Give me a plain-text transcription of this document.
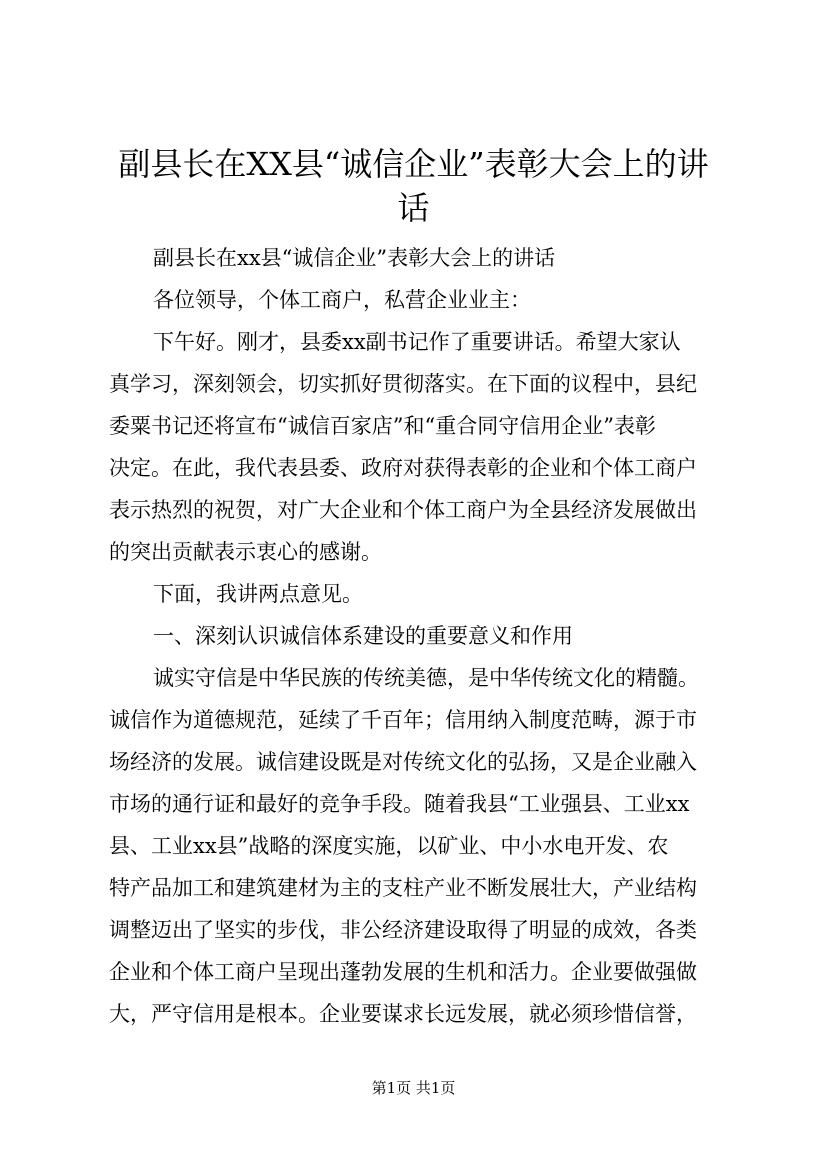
副县长在XX县“诚信企业”表彰大会上的讲
话
副县长在xx县“诚信企业”表彰大会上的讲话
各位领导，个体工商户，私营企业业主：
下午好。刚才，县委xx副书记作了重要讲话。希望大家认
真学习，深刻领会，切实抓好贯彻落实。在下面的议程中，县纪
委粟书记还将宣布“诚信百家店”和“重合同守信用企业”表彰
决定。在此，我代表县委、政府对获得表彰的企业和个体工商户
表示热烈的祝贺，对广大企业和个体工商户为全县经济发展做出
的突出贡献表示衷心的感谢。
下面，我讲两点意见。
一、深刻认识诚信体系建设的重要意义和作用
诚实守信是中华民族的传统美德，是中华传统文化的精髓。
诚信作为道德规范，延续了千百年；信用纳入制度范畴，源于市
场经济的发展。诚信建设既是对传统文化的弘扬，又是企业融入
市场的通行证和最好的竞争手段。随着我县“工业强县、工业xx
县、工业xx县”战略的深度实施，以矿业、中小水电开发、农
特产品加工和建筑建材为主的支柱产业不断发展壮大，产业结构
调整迈出了坚实的步伐，非公经济建设取得了明显的成效，各类
企业和个体工商户呈现出蓬勃发展的生机和活力。企业要做强做
大，严守信用是根本。企业要谋求长远发展，就必须珍惜信誉，
第1页 共1页
